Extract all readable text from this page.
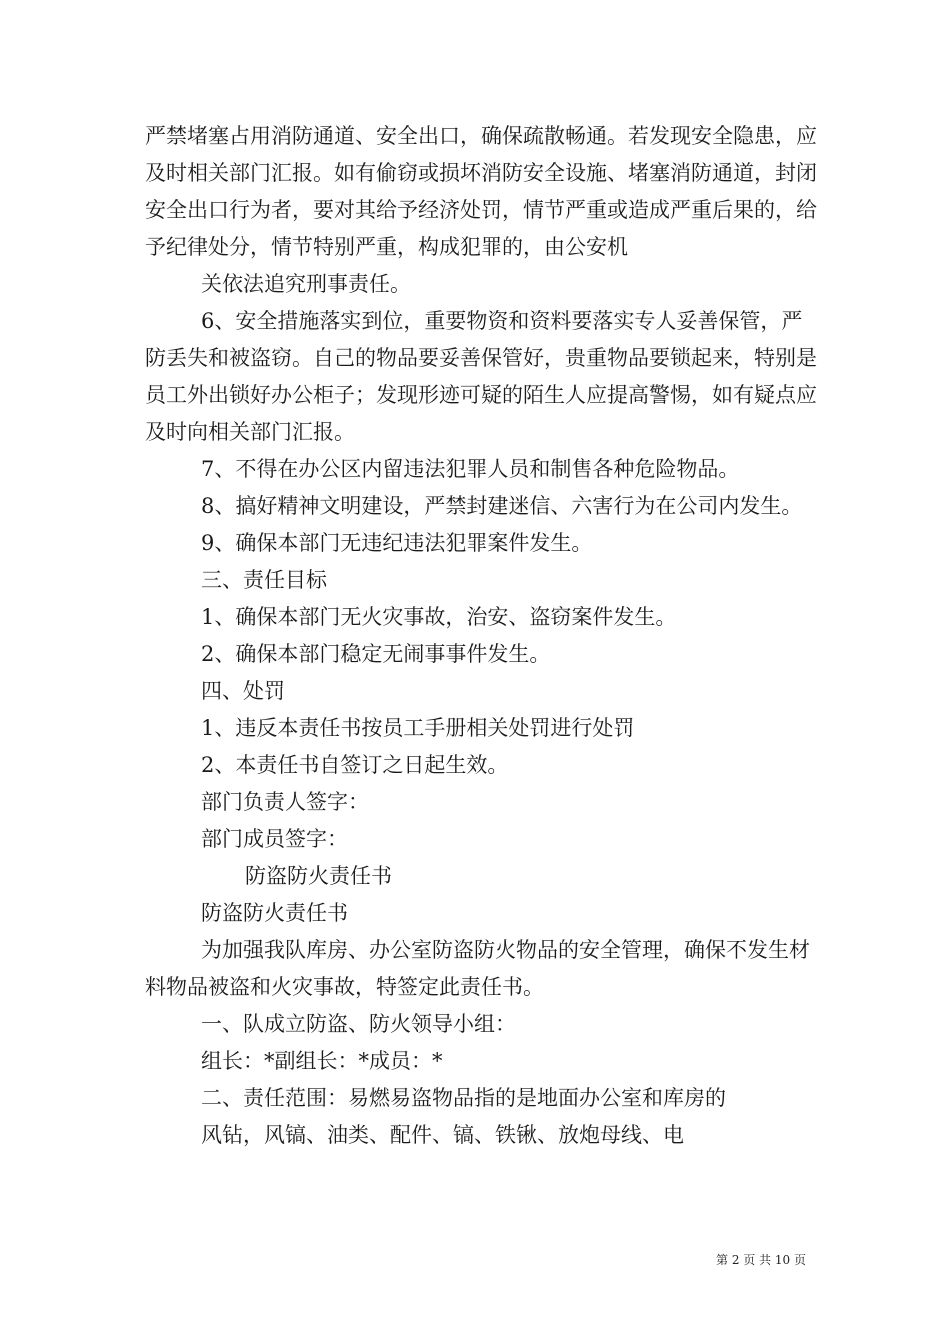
严禁堵塞占用消防通道、安全出口，确保疏散畅通。若发现安全隐患，应及时相关部门汇报。如有偷窃或损坏消防安全设施、堵塞消防通道，封闭安全出口行为者，要对其给予经济处罚，情节严重或造成严重后果的，给予纪律处分，情节特别严重，构成犯罪的，由公安机

关依法追究刑事责任。

6、安全措施落实到位，重要物资和资料要落实专人妥善保管，严防丢失和被盗窃。自己的物品要妥善保管好，贵重物品要锁起来，特别是员工外出锁好办公柜子；发现形迹可疑的陌生人应提高警惕，如有疑点应及时向相关部门汇报。

7、不得在办公区内留违法犯罪人员和制售各种危险物品。

8、搞好精神文明建设，严禁封建迷信、六害行为在公司内发生。

9、确保本部门无违纪违法犯罪案件发生。

三、责任目标

1、确保本部门无火灾事故，治安、盗窃案件发生。

2、确保本部门稳定无闹事事件发生。

四、处罚

1、违反本责任书按员工手册相关处罚进行处罚

2、本责任书自签订之日起生效。

部门负责人签字：

部门成员签字：

防盗防火责任书

防盗防火责任书

为加强我队库房、办公室防盗防火物品的安全管理，确保不发生材料物品被盗和火灾事故，特签定此责任书。

一、队成立防盗、防火领导小组：

组长：*副组长：*成员：*

二、责任范围：易燃易盗物品指的是地面办公室和库房的

风钻，风镐、油类、配件、镐、铁锹、放炮母线、电

第 2 页 共 10 页
